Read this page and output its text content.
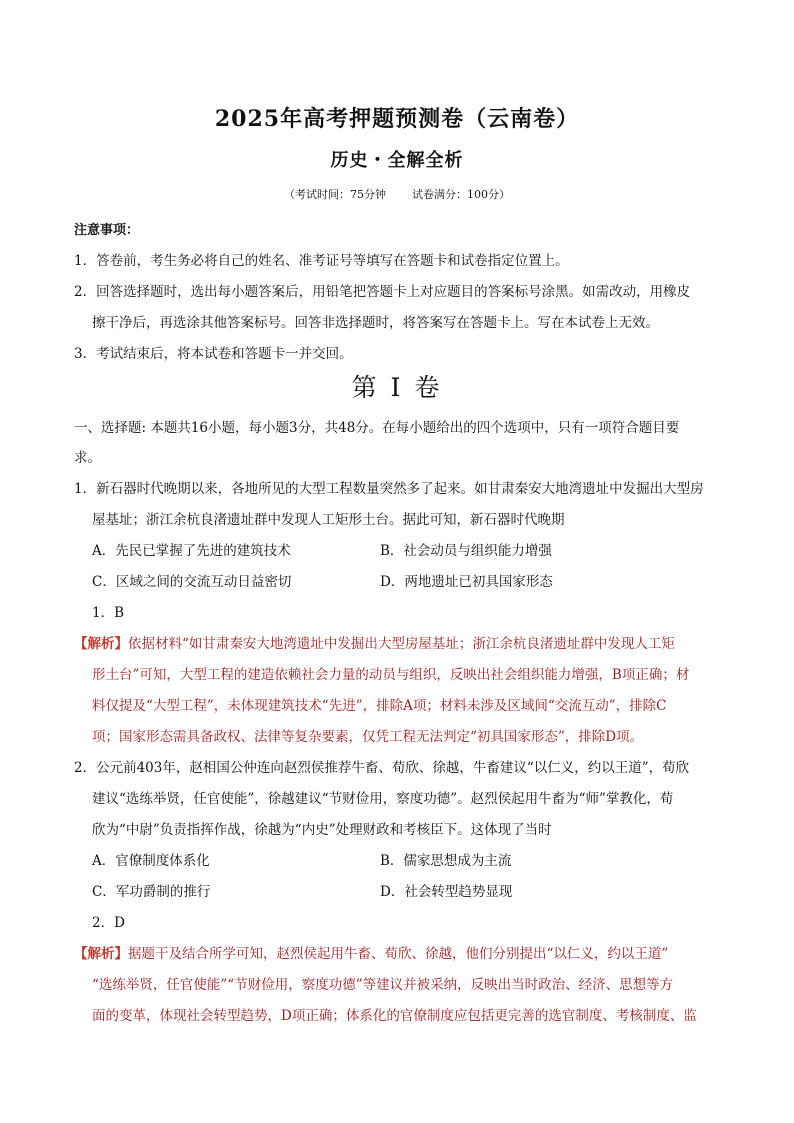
2025年高考押题预测卷（云南卷）
历史・全解全析
（考试时间：75分钟 试卷满分：100分）
注意事项：
1．答卷前，考生务必将自己的姓名、准考证号等填写在答题卡和试卷指定位置上。
2．回答选择题时，选出每小题答案后，用铅笔把答题卡上对应题目的答案标号涂黑。如需改动，用橡皮
擦干净后，再选涂其他答案标号。回答非选择题时，将答案写在答题卡上。写在本试卷上无效。
3．考试结束后，将本试卷和答题卡一并交回。
第 I 卷
一、选择题: 本题共16小题，每小题3分，共48分。在每小题给出的四个选项中，只有一项符合题目要
求。
1．新石器时代晚期以来，各地所见的大型工程数量突然多了起来。如甘肃秦安大地湾遗址中发掘出大型房
屋基址；浙江余杭良渚遗址群中发现人工矩形土台。据此可知，新石器时代晚期
A．先民已掌握了先进的建筑技术	B．社会动员与组织能力增强
C．区域之间的交流互动日益密切	D．两地遗址已初具国家形态
1．B
【解析】依据材料“如甘肃秦安大地湾遗址中发掘出大型房屋基址；浙江余杭良渚遗址群中发现人工矩
形土台”可知，大型工程的建造依赖社会力量的动员与组织，反映出社会组织能力增强，B项正确；材
料仅提及“大型工程”，未体现建筑技术“先进”，排除A项；材料未涉及区域间“交流互动”，排除C
项；国家形态需具备政权、法律等复杂要素，仅凭工程无法判定“初具国家形态”，排除D项。
2．公元前403年，赵相国公仲连向赵烈侯推荐牛畜、荀欣、徐越，牛畜建议“以仁义，约以王道”，荀欣
建议“选练举贤，任官使能”，徐越建议“节财俭用，察度功德”。赵烈侯起用牛畜为“师”掌教化，荀
欣为“中尉”负责指挥作战，徐越为“内史”处理财政和考核臣下。这体现了当时
A．官僚制度体系化	B．儒家思想成为主流
C．军功爵制的推行	D．社会转型趋势显现
2．D
【解析】据题干及结合所学可知，赵烈侯起用牛畜、荀欣、徐越，他们分别提出“以仁义，约以王道”
“选练举贤，任官使能”“节财俭用，察度功德”等建议并被采纳，反映出当时政治、经济、思想等方
面的变革，体现社会转型趋势，D项正确；体系化的官僚制度应包括更完善的选官制度、考核制度、监
